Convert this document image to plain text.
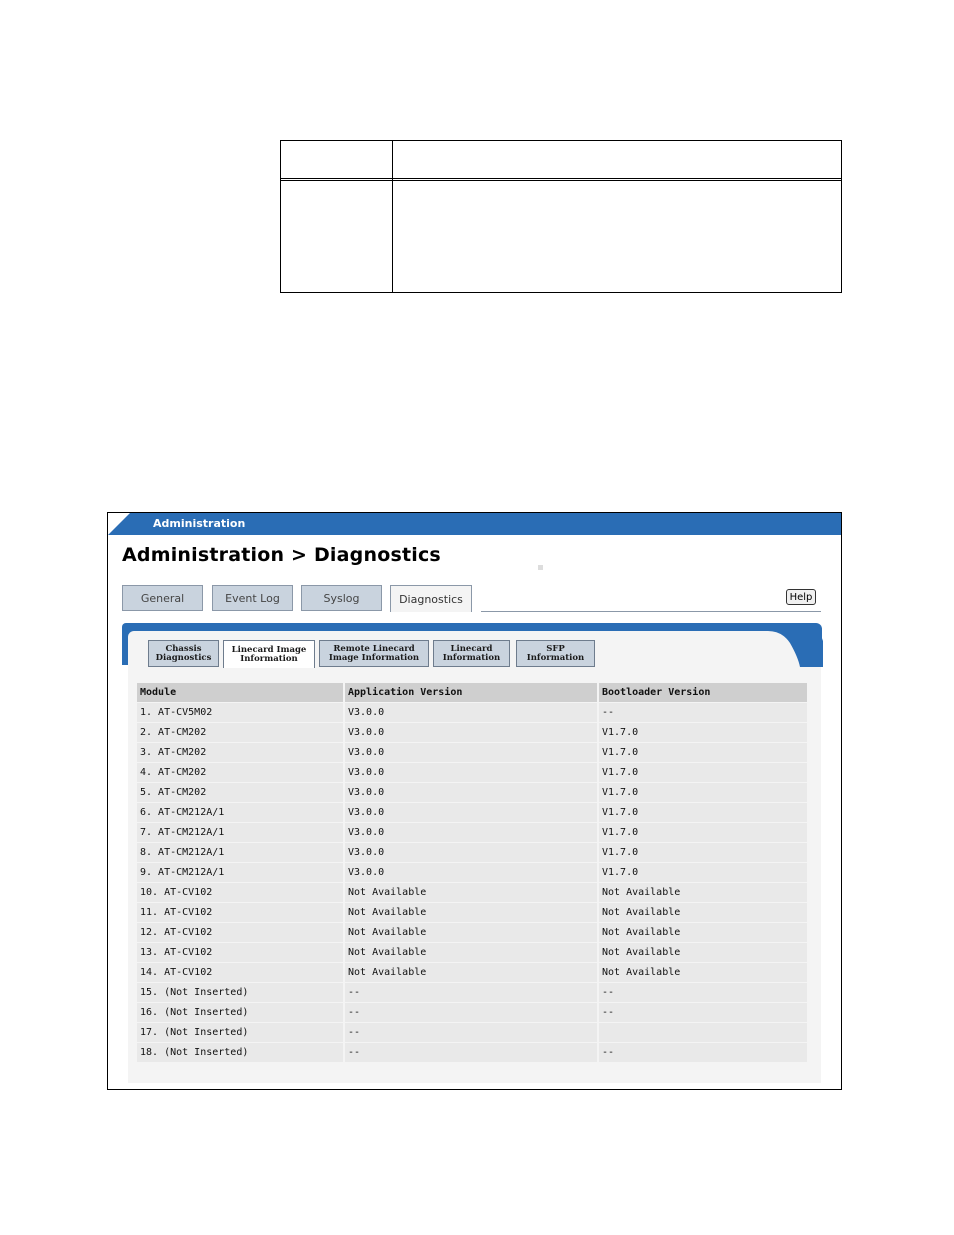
Administration
Administration > Diagnostics
General	Event Log	Syslog	Diagnostics	Help
Chassis
Diagnostics
Linecard Image
Information
Remote Linecard
Image Information
Linecard
Information
SFP
Information
Module	Application Version	Bootloader Version
1. AT-CV5M02	V3.0.0	--
2. AT-CM202	V3.0.0	V1.7.0
3. AT-CM202	V3.0.0	V1.7.0
4. AT-CM202	V3.0.0	V1.7.0
5. AT-CM202	V3.0.0	V1.7.0
6. AT-CM212A/1	V3.0.0	V1.7.0
7. AT-CM212A/1	V3.0.0	V1.7.0
8. AT-CM212A/1	V3.0.0	V1.7.0
9. AT-CM212A/1	V3.0.0	V1.7.0
10. AT-CV102	Not Available	Not Available
11. AT-CV102	Not Available	Not Available
12. AT-CV102	Not Available	Not Available
13. AT-CV102	Not Available	Not Available
14. AT-CV102	Not Available	Not Available
15. (Not Inserted)	--	--
16. (Not Inserted)	--	--
17. (Not Inserted)	--	
18. (Not Inserted)	--	--
